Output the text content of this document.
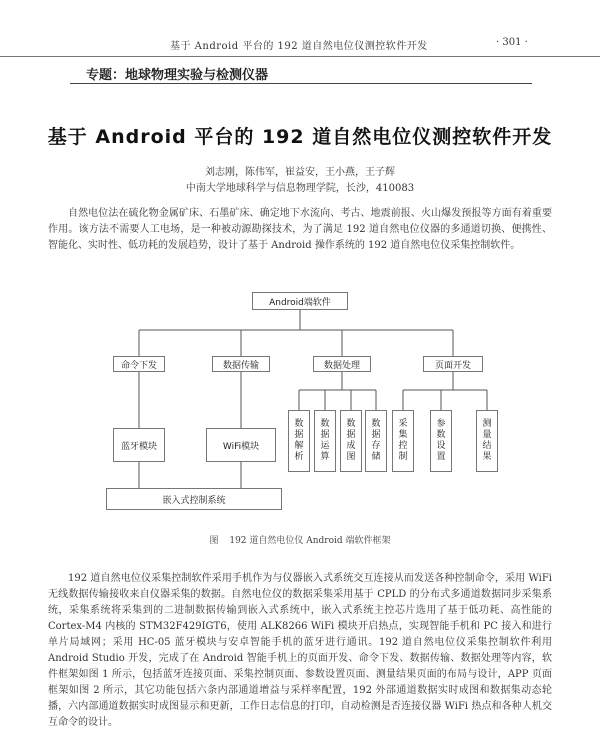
基于 Android 平台的 192 道自然电位仪测控软件开发	· 301 ·
专题：地球物理实验与检测仪器
基于 Android 平台的 192 道自然电位仪测控软件开发
刘志刚，陈伟军，崔益安，王小燕，王子辉
中南大学地球科学与信息物理学院，长沙，410083

自然电位法在硫化物金属矿床、石墨矿床、确定地下水流向、考古、地震前报、火山爆发预报等方面有着重要作用。该方法不需要人工电场，是一种被动源勘探技术，为了满足 192 道自然电位仪器的多通道切换、便携性、智能化、实时性、低功耗的发展趋势，设计了基于 Android 操作系统的 192 道自然电位仪采集控制软件。

Android端软件
命令下发	数据传输	数据处理	页面开发
蓝牙模块	WiFi模块
嵌入式控制系统
数
据
解
析
数
据
运
算
数
据
成
图
数
据
存
储
采
集
控
制
参
数
设
置
测
量
结
果
图 192 道自然电位仪 Android 端软件框架

192 道自然电位仪采集控制软件采用手机作为与仪器嵌入式系统交互连接从而发送各种控制命令，采用 WiFi 无线数据传输接收来自仪器采集的数据。自然电位仪的数据采集采用基于 CPLD 的分布式多通道数据同步采集系统，采集系统将采集到的二进制数据传输到嵌入式系统中，嵌入式系统主控芯片选用了基于低功耗、高性能的 Cortex-M4 内核的 STM32F429IGT6，使用 ALK8266 WiFi 模块开启热点，实现智能手机和 PC 接入和进行单片局域网；采用 HC-05 蓝牙模块与安卓智能手机的蓝牙进行通讯。192 道自然电位仪采集控制软件利用 Android Studio 开发，完成了在 Android 智能手机上的页面开发、命令下发、数据传输、数据处理等内容，软件框架如图 1 所示，包括蓝牙连接页面、采集控制页面、参数设置页面、测量结果页面的布局与设计，APP 页面框架如图 2 所示，其它功能包括六条内部通道增益与采样率配置，192 外部通道数据实时成图和数据集动态轮播，六内部通道数据实时成图显示和更新，工作日志信息的打印，自动检测是否连接仪器 WiFi 热点和各种人机交互命令的设计。
